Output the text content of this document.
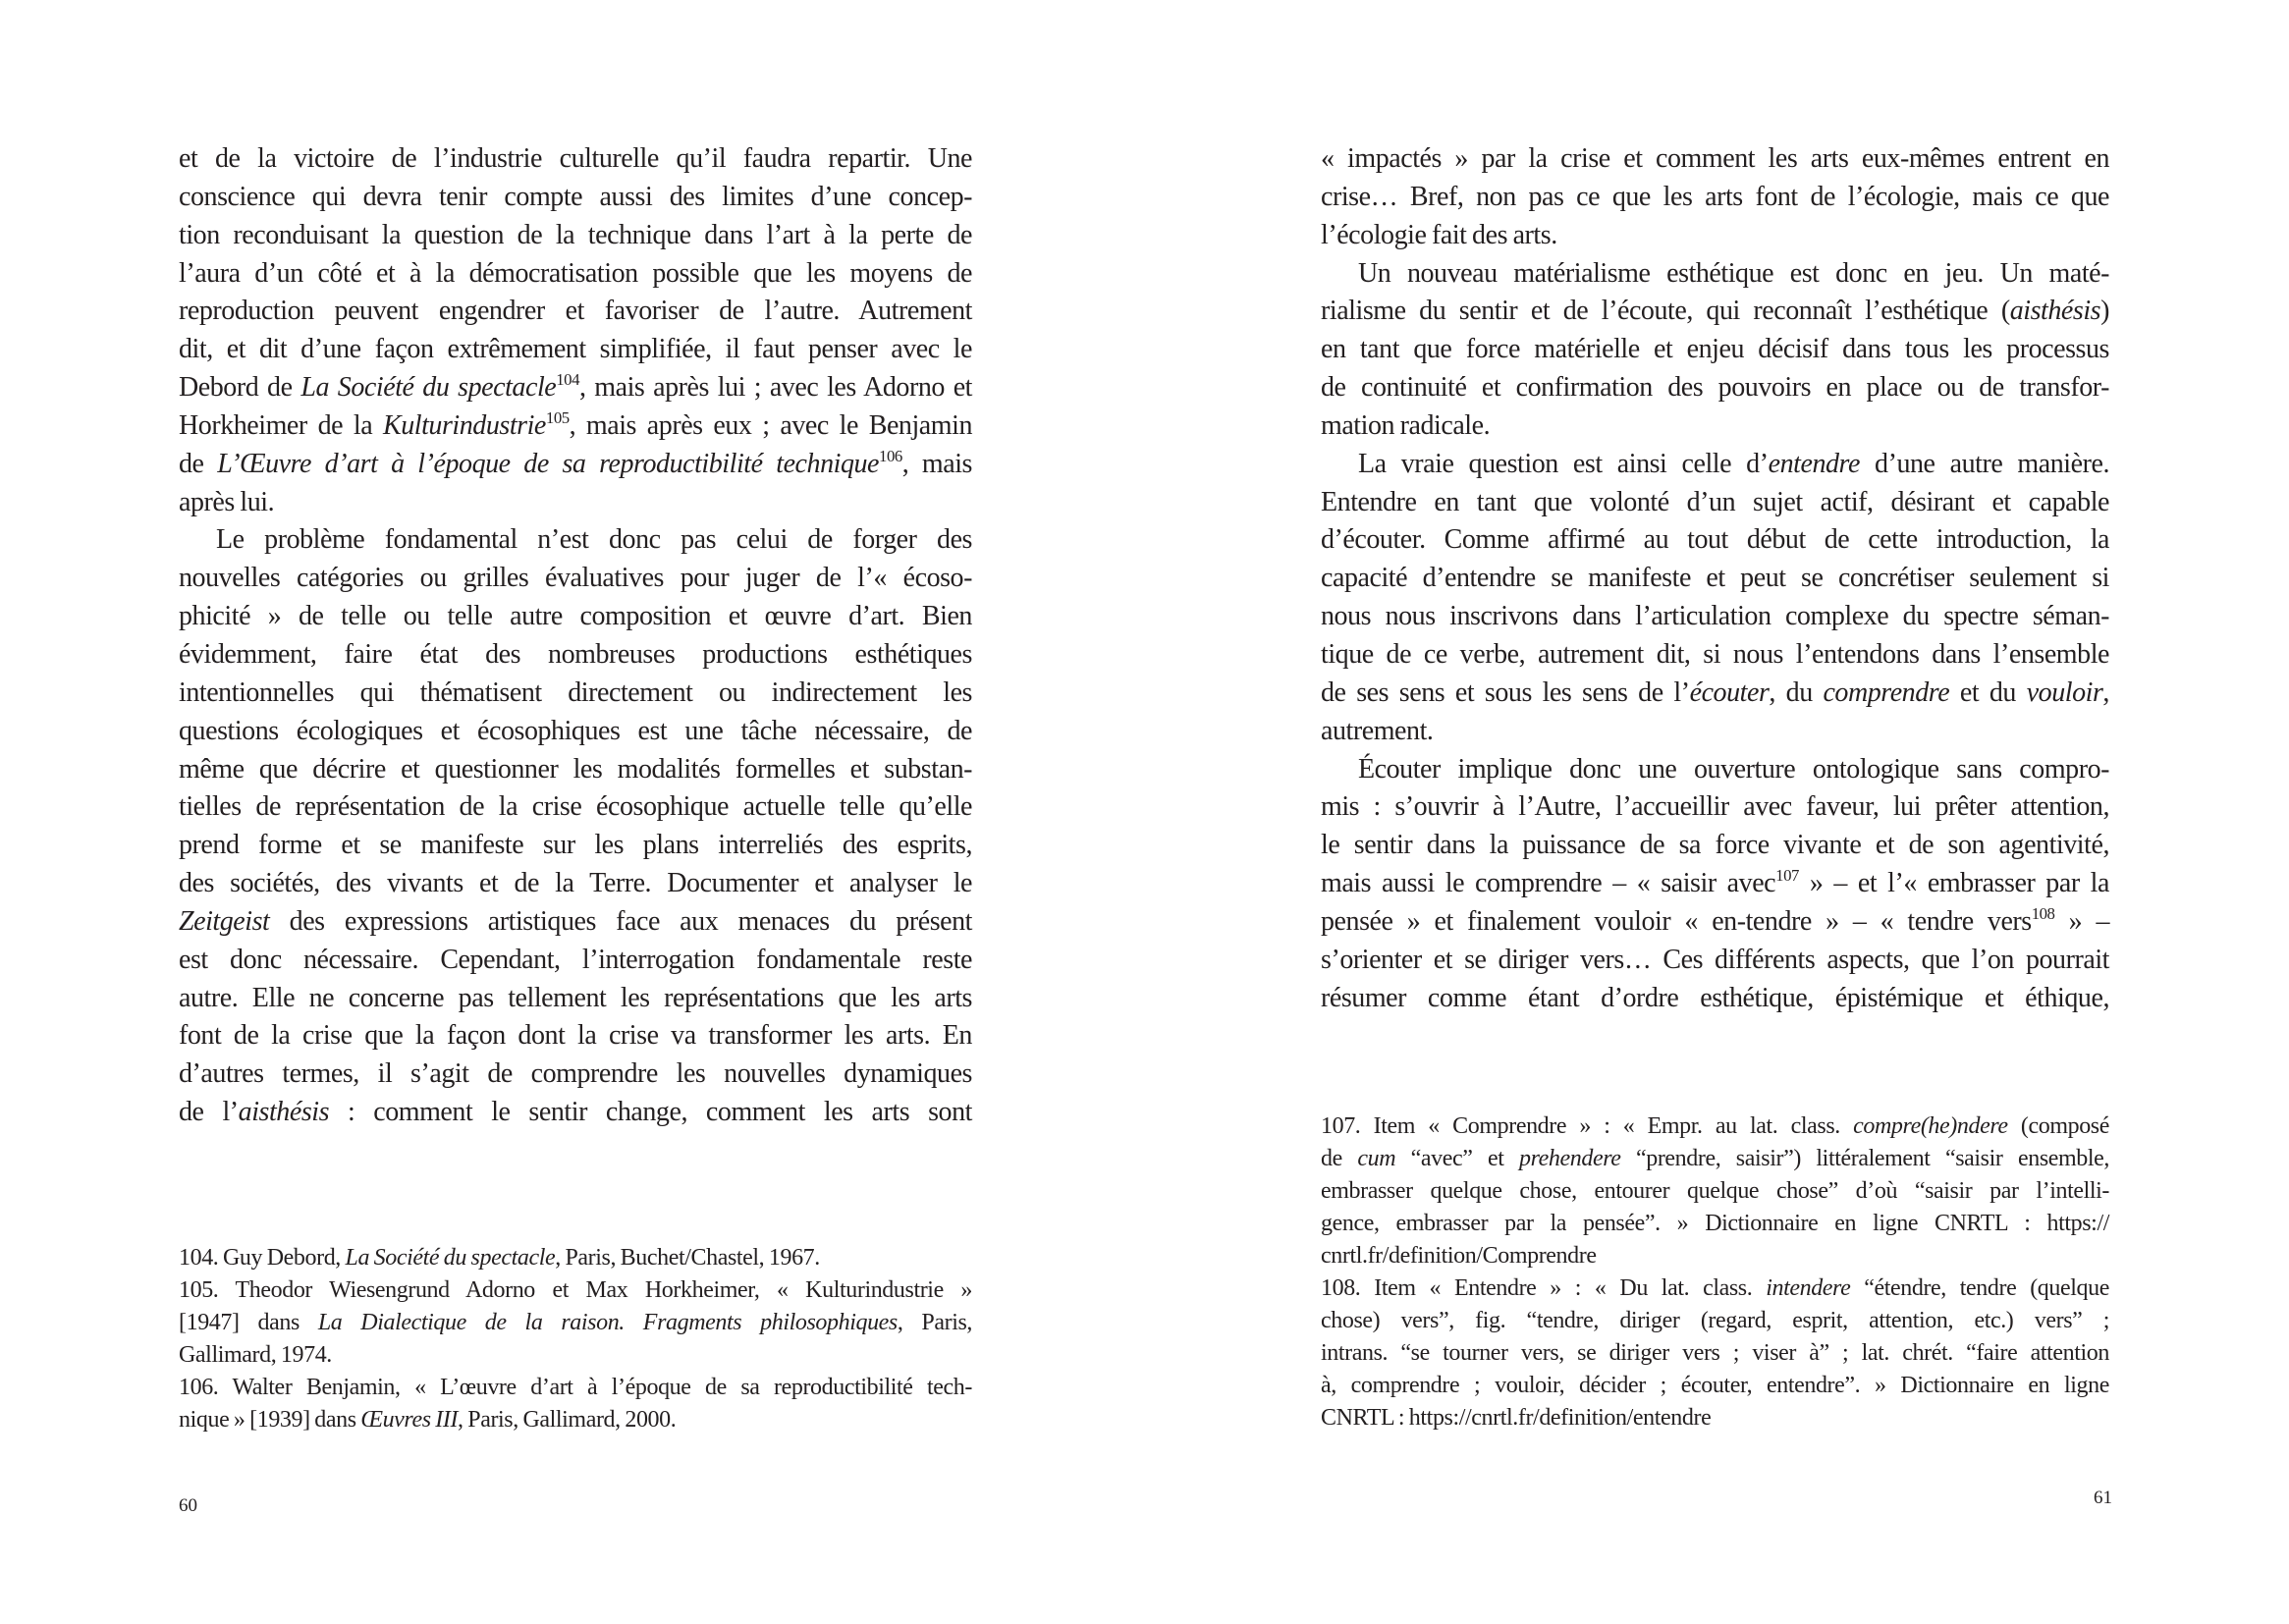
et de la victoire de l’industrie culturelle qu’il faudra repartir. Une
conscience qui devra tenir compte aussi des limites d’une concep-
tion reconduisant la question de la technique dans l’art à la perte de
l’aura d’un côté et à la démocratisation possible que les moyens de
reproduction peuvent engendrer et favoriser de l’autre. Autrement
dit, et dit d’une façon extrêmement simplifiée, il faut penser avec le
Debord de La Société du spectacle$^{104}$, mais après lui ; avec les Adorno et
Horkheimer de la Kulturindustrie$^{105}$, mais après eux ; avec le Benjamin
de L’Œuvre d’art à l’époque de sa reproductibilité technique$^{106}$, mais
après lui.
Le problème fondamental n’est donc pas celui de forger des
nouvelles catégories ou grilles évaluatives pour juger de l’« écoso-
phicité » de telle ou telle autre composition et œuvre d’art. Bien
évidemment, faire état des nombreuses productions esthétiques
intentionnelles qui thématisent directement ou indirectement les
questions écologiques et écosophiques est une tâche nécessaire, de
même que décrire et questionner les modalités formelles et substan-
tielles de représentation de la crise écosophique actuelle telle qu’elle
prend forme et se manifeste sur les plans interreliés des esprits,
des sociétés, des vivants et de la Terre. Documenter et analyser le
Zeitgeist des expressions artistiques face aux menaces du présent
est donc nécessaire. Cependant, l’interrogation fondamentale reste
autre. Elle ne concerne pas tellement les représentations que les arts
font de la crise que la façon dont la crise va transformer les arts. En
d’autres termes, il s’agit de comprendre les nouvelles dynamiques
de l’aisthésis : comment le sentir change, comment les arts sont
104. Guy Debord, La Société du spectacle, Paris, Buchet/Chastel, 1967.
105. Theodor Wiesengrund Adorno et Max Horkheimer, « Kulturindustrie »
[1947] dans La Dialectique de la raison. Fragments philosophiques, Paris,
Gallimard, 1974.
106. Walter Benjamin, « L’œuvre d’art à l’époque de sa reproductibilité tech-
nique » [1939] dans Œuvres III, Paris, Gallimard, 2000.
60
« impactés » par la crise et comment les arts eux-mêmes entrent en
crise… Bref, non pas ce que les arts font de l’écologie, mais ce que
l’écologie fait des arts.
Un nouveau matérialisme esthétique est donc en jeu. Un maté-
rialisme du sentir et de l’écoute, qui reconnaît l’esthétique (aisthésis)
en tant que force matérielle et enjeu décisif dans tous les processus
de continuité et confirmation des pouvoirs en place ou de transfor-
mation radicale.
La vraie question est ainsi celle d’entendre d’une autre manière.
Entendre en tant que volonté d’un sujet actif, désirant et capable
d’écouter. Comme affirmé au tout début de cette introduction, la
capacité d’entendre se manifeste et peut se concrétiser seulement si
nous nous inscrivons dans l’articulation complexe du spectre séman-
tique de ce verbe, autrement dit, si nous l’entendons dans l’ensemble
de ses sens et sous les sens de l’écouter, du comprendre et du vouloir,
autrement.
Écouter implique donc une ouverture ontologique sans compro-
mis : s’ouvrir à l’Autre, l’accueillir avec faveur, lui prêter attention,
le sentir dans la puissance de sa force vivante et de son agentivité,
mais aussi le comprendre – « saisir avec$^{107}$ » – et l’« embrasser par la
pensée » et finalement vouloir « en-tendre » – « tendre vers$^{108}$ » –
s’orienter et se diriger vers… Ces différents aspects, que l’on pourrait
résumer comme étant d’ordre esthétique, épistémique et éthique,
107. Item « Comprendre » : « Empr. au lat. class. compre(he)ndere (composé
de cum “avec” et prehendere “prendre, saisir”) littéralement “saisir ensemble,
embrasser quelque chose, entourer quelque chose” d’où “saisir par l’intelli-
gence, embrasser par la pensée”. » Dictionnaire en ligne CNRTL : https://
cnrtl.fr/definition/Comprendre
108. Item « Entendre » : « Du lat. class. intendere “étendre, tendre (quelque
chose) vers”, fig. “tendre, diriger (regard, esprit, attention, etc.) vers” ;
intrans. “se tourner vers, se diriger vers ; viser à” ; lat. chrét. “faire attention
à, comprendre ; vouloir, décider ; écouter, entendre”. » Dictionnaire en ligne
CNRTL : https://cnrtl.fr/definition/entendre
61
